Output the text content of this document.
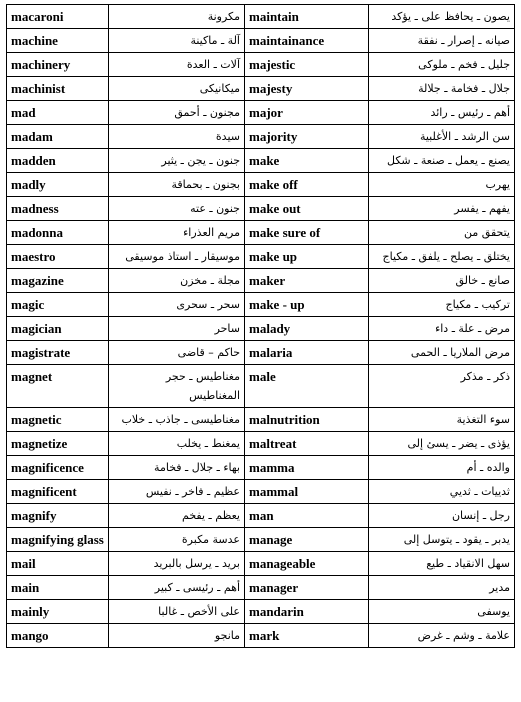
macaroni	مكرونة	maintain	يصون ـ يحافظ على ـ يؤكد
machine	آلة ـ ماكينة	maintainance	صيانه ـ إصرار ـ نفقة
machinery	آلات ـ العدة	majestic	جليل ـ فخم ـ ملوكى
machinist	ميكانيكى	majesty	جلال ـ فخامة ـ جلالة
mad	مجنون ـ أحمق	major	أهم ـ رئيس ـ رائد
madam	سيدة	majority	سن الرشد ـ الأغلبية
madden	جنون ـ يجن ـ يثير	make	يصنع ـ يعمل ـ صنعة ـ شكل
madly	بجنون ـ بحماقة	make off	يهرب
madness	جنون ـ عته	make out	يفهم ـ يفسر
madonna	مريم العذراء	make sure of	يتحقق من
maestro	موسيقار ـ استاذ موسيقى	make up	يختلق ـ يصلح ـ يلفق ـ مكياج
magazine	مجلة ـ مخزن	maker	صانع ـ خالق
magic	سحر ـ سحرى	make - up	تركيب ـ مكياج
magician	ساحر	malady	مرض ـ علة ـ داء
magistrate	حاكم – قاضى	malaria	مرض الملاريا ـ الحمى
magnet	مغناطيس ـ حجر المغناطيس	male	ذكر ـ مذكر
magnetic	مغناطيسى ـ جاذب ـ خلاب	malnutrition	سوء التغذية
magnetize	يمغنط ـ يخلب	maltreat	يؤذى ـ يضر ـ يسئ إلى
magnificence	بهاء ـ جلال ـ فخامة	mamma	والده ـ أم
magnificent	عظيم ـ فاخر ـ نفيس	mammal	ثدييات ـ ثديي
magnify	يعظم ـ يفخم	man	رجل ـ إنسان
magnifying glass	عدسة مكبرة	manage	يدبر ـ يقود ـ يتوسل إلى
mail	بريد ـ يرسل بالبريد	manageable	سهل الانقياد ـ طيع
main	أهم ـ رئيسى ـ كبير	manager	مدير
mainly	على الأخص ـ غالبا	mandarin	يوسفى
mango	مانجو	mark	علامة ـ وشم ـ غرض
